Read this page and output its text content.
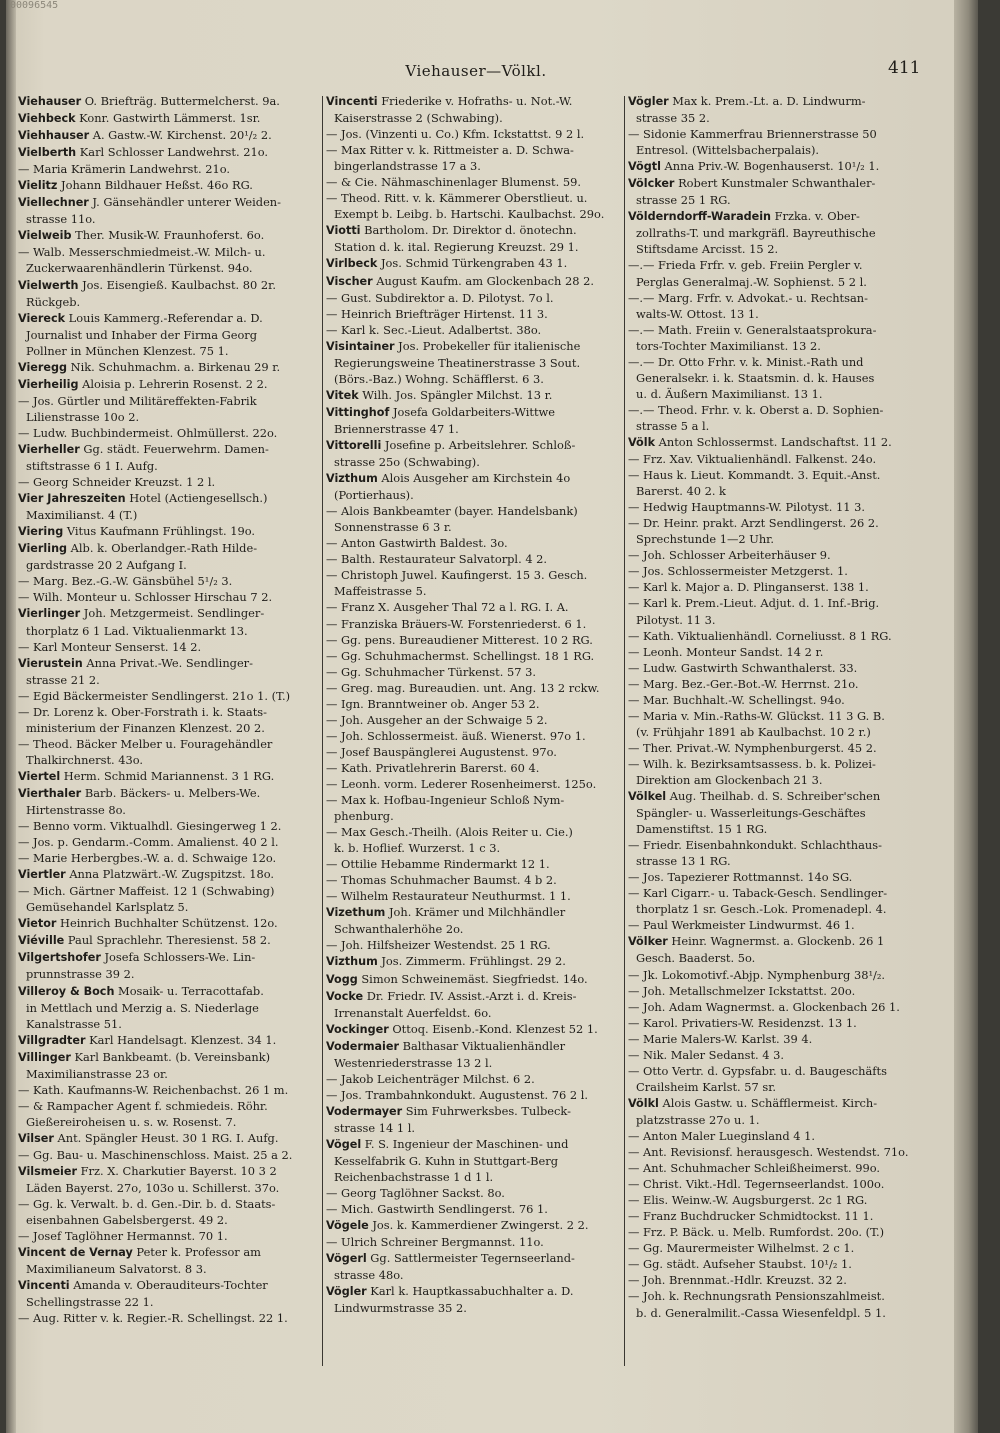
00096545
Viehauser—Völkl.	411
Viehauser O. Briefträg. Buttermelcherst. 9a.
Viehbeck Konr. Gastwirth Lämmerst. 1sr.
Viehhauser A. Gastw.-W. Kirchenst. 20¹/₂ 2.
Vielberth Karl Schlosser Landwehrst. 21o.
— Maria Krämerin Landwehrst. 21o.
Vielitz Johann Bildhauer Heßst. 46o RG.
Viellechner J. Gänsehändler unterer Weiden-
strasse 11o.
Vielweib Ther. Musik-W. Fraunhoferst. 6o.
— Walb. Messerschmiedmeist.-W. Milch- u.
Zuckerwaarenhändlerin Türkenst. 94o.
Vielwerth Jos. Eisengieß. Kaulbachst. 80 2r.
Rückgeb.
Viereck Louis Kammerg.-Referendar a. D.
Journalist und Inhaber der Firma Georg
Pollner in München Klenzest. 75 1.
Vieregg Nik. Schuhmachm. a. Birkenau 29 r.
Vierheilig Aloisia p. Lehrerin Rosenst. 2 2.
— Jos. Gürtler und Militäreffekten-Fabrik
Lilienstrasse 10o 2.
— Ludw. Buchbindermeist. Ohlmüllerst. 22o.
Vierheller Gg. städt. Feuerwehrm. Damen-
stiftstrasse 6 1 I. Aufg.
— Georg Schneider Kreuzst. 1 2 l.
Vier Jahreszeiten Hotel (Actiengesellsch.)
Maximilianst. 4 (T.)
Viering Vitus Kaufmann Frühlingst. 19o.
Vierling Alb. k. Oberlandger.-Rath Hilde-
gardstrasse 20 2 Aufgang I.
— Marg. Bez.-G.-W. Gänsbühel 5¹/₂ 3.
— Wilh. Monteur u. Schlosser Hirschau 7 2.
Vierlinger Joh. Metzgermeist. Sendlinger-
thorplatz 6 1 Lad. Viktualienmarkt 13.
— Karl Monteur Senserst. 14 2.
Vierustein Anna Privat.-We. Sendlinger-
strasse 21 2.
— Egid Bäckermeister Sendlingerst. 21o 1. (T.)
— Dr. Lorenz k. Ober-Forstrath i. k. Staats-
ministerium der Finanzen Klenzest. 20 2.
— Theod. Bäcker Melber u. Fouragehändler
Thalkirchnerst. 43o.
Viertel Herm. Schmid Mariannenst. 3 1 RG.
Vierthaler Barb. Bäckers- u. Melbers-We.
Hirtenstrasse 8o.
— Benno vorm. Viktualhdl. Giesingerweg 1 2.
— Jos. p. Gendarm.-Comm. Amalienst. 40 2 l.
— Marie Herbergbes.-W. a. d. Schwaige 12o.
Viertler Anna Platzwärt.-W. Zugspitzst. 18o.
— Mich. Gärtner Maffeist. 12 1 (Schwabing)
Gemüsehandel Karlsplatz 5.
Vietor Heinrich Buchhalter Schützenst. 12o.
Viéville Paul Sprachlehr. Theresienst. 58 2.
Vilgertshofer Josefa Schlossers-We. Lin-
prunnstrasse 39 2.
Villeroy & Boch Mosaik- u. Terracottafab.
in Mettlach und Merzig a. S. Niederlage
Kanalstrasse 51.
Villgradter Karl Handelsagt. Klenzest. 34 1.
Villinger Karl Bankbeamt. (b. Vereinsbank)
Maximilianstrasse 23 or.
— Kath. Kaufmanns-W. Reichenbachst. 26 1 m.
— & Rampacher Agent f. schmiedeis. Röhr.
Gießereiroheisen u. s. w. Rosenst. 7.
Vilser Ant. Spängler Heust. 30 1 RG. I. Aufg.
— Gg. Bau- u. Maschinenschloss. Maist. 25 a 2.
Vilsmeier Frz. X. Charkutier Bayerst. 10 3 2
Läden Bayerst. 27o, 103o u. Schillerst. 37o.
— Gg. k. Verwalt. b. d. Gen.-Dir. b. d. Staats-
eisenbahnen Gabelsbergerst. 49 2.
— Josef Taglöhner Hermannst. 70 1.
Vincent de Vernay Peter k. Professor am
Maximilianeum Salvatorst. 8 3.
Vincenti Amanda v. Oberauditeurs-Tochter
Schellingstrasse 22 1.
— Aug. Ritter v. k. Regier.-R. Schellingst. 22 1.
Vincenti Friederike v. Hofraths- u. Not.-W.
Kaiserstrasse 2 (Schwabing).
— Jos. (Vinzenti u. Co.) Kfm. Ickstattst. 9 2 l.
— Max Ritter v. k. Rittmeister a. D. Schwa-
bingerlandstrasse 17 a 3.
— & Cie. Nähmaschinenlager Blumenst. 59.
— Theod. Ritt. v. k. Kämmerer Oberstlieut. u.
Exempt b. Leibg. b. Hartschi. Kaulbachst. 29o.
Viotti Bartholom. Dr. Direktor d. önotechn.
Station d. k. ital. Regierung Kreuzst. 29 1.
Virlbeck Jos. Schmid Türkengraben 43 1.
Vischer August Kaufm. am Glockenbach 28 2.
— Gust. Subdirektor a. D. Pilotyst. 7o l.
— Heinrich Briefträger Hirtenst. 11 3.
— Karl k. Sec.-Lieut. Adalbertst. 38o.
Visintainer Jos. Probekeller für italienische
Regierungsweine Theatinerstrasse 3 Sout.
(Börs.-Baz.) Wohng. Schäfflerst. 6 3.
Vitek Wilh. Jos. Spängler Milchst. 13 r.
Vittinghof Josefa Goldarbeiters-Wittwe
Briennerstrasse 47 1.
Vittorelli Josefine p. Arbeitslehrer. Schloß-
strasse 25o (Schwabing).
Vizthum Alois Ausgeher am Kirchstein 4o
(Portierhaus).
— Alois Bankbeamter (bayer. Handelsbank)
Sonnenstrasse 6 3 r.
— Anton Gastwirth Baldest. 3o.
— Balth. Restaurateur Salvatorpl. 4 2.
— Christoph Juwel. Kaufingerst. 15 3. Gesch.
Maffeistrasse 5.
— Franz X. Ausgeher Thal 72 a l. RG. I. A.
— Franziska Bräuers-W. Forstenriederst. 6 1.
— Gg. pens. Bureaudiener Mitterest. 10 2 RG.
— Gg. Schuhmachermst. Schellingst. 18 1 RG.
— Gg. Schuhmacher Türkenst. 57 3.
— Greg. mag. Bureaudien. unt. Ang. 13 2 rckw.
— Ign. Branntweiner ob. Anger 53 2.
— Joh. Ausgeher an der Schwaige 5 2.
— Joh. Schlossermeist. äuß. Wienerst. 97o 1.
— Josef Bauspänglerei Augustenst. 97o.
— Kath. Privatlehrerin Barerst. 60 4.
— Leonh. vorm. Lederer Rosenheimerst. 125o.
— Max k. Hofbau-Ingenieur Schloß Nym-
phenburg.
— Max Gesch.-Theilh. (Alois Reiter u. Cie.)
k. b. Hoflief. Wurzerst. 1 c 3.
— Ottilie Hebamme Rindermarkt 12 1.
— Thomas Schuhmacher Baumst. 4 b 2.
— Wilhelm Restaurateur Neuthurmst. 1 1.
Vizethum Joh. Krämer und Milchhändler
Schwanthalerhöhe 2o.
— Joh. Hilfsheizer Westendst. 25 1 RG.
Vizthum Jos. Zimmerm. Frühlingst. 29 2.
Vogg Simon Schweinemäst. Siegfriedst. 14o.
Vocke Dr. Friedr. IV. Assist.-Arzt i. d. Kreis-
Irrenanstalt Auerfeldst. 6o.
Vockinger Ottoq. Eisenb.-Kond. Klenzest 52 1.
Vodermaier Balthasar Viktualienhändler
Westenriederstrasse 13 2 l.
— Jakob Leichenträger Milchst. 6 2.
— Jos. Trambahnkondukt. Augustenst. 76 2 l.
Vodermayer Sim Fuhrwerksbes. Tulbeck-
strasse 14 1 l.
Vögel F. S. Ingenieur der Maschinen- und
Kesselfabrik G. Kuhn in Stuttgart-Berg
Reichenbachstrasse 1 d 1 l.
— Georg Taglöhner Sackst. 8o.
— Mich. Gastwirth Sendlingerst. 76 1.
Vögele Jos. k. Kammerdiener Zwingerst. 2 2.
— Ulrich Schreiner Bergmannst. 11o.
Vögerl Gg. Sattlermeister Tegernseerland-
strasse 48o.
Vögler Karl k. Hauptkassabuchhalter a. D.
Lindwurmstrasse 35 2.
Vögler Max k. Prem.-Lt. a. D. Lindwurm-
strasse 35 2.
— Sidonie Kammerfrau Briennerstrasse 50
Entresol. (Wittelsbacherpalais).
Vögtl Anna Priv.-W. Bogenhauserst. 10¹/₂ 1.
Völcker Robert Kunstmaler Schwanthaler-
strasse 25 1 RG.
Völderndorff-Waradein Frzka. v. Ober-
zollraths-T. und markgräfl. Bayreuthische
Stiftsdame Arcisst. 15 2.
—.— Frieda Frfr. v. geb. Freiin Pergler v.
Perglas Generalmaj.-W. Sophienst. 5 2 l.
—.— Marg. Frfr. v. Advokat.- u. Rechtsan-
walts-W. Ottost. 13 1.
—.— Math. Freiin v. Generalstaatsprokura-
tors-Tochter Maximilianst. 13 2.
—.— Dr. Otto Frhr. v. k. Minist.-Rath und
Generalsekr. i. k. Staatsmin. d. k. Hauses
u. d. Äußern Maximilianst. 13 1.
—.— Theod. Frhr. v. k. Oberst a. D. Sophien-
strasse 5 a l.
Völk Anton Schlossermst. Landschaftst. 11 2.
— Frz. Xav. Viktualienhändl. Falkenst. 24o.
— Haus k. Lieut. Kommandt. 3. Equit.-Anst.
Barerst. 40 2. k
— Hedwig Hauptmanns-W. Pilotyst. 11 3.
— Dr. Heinr. prakt. Arzt Sendlingerst. 26 2.
Sprechstunde 1—2 Uhr.
— Joh. Schlosser Arbeiterhäuser 9.
— Jos. Schlossermeister Metzgerst. 1.
— Karl k. Major a. D. Plinganserst. 138 1.
— Karl k. Prem.-Lieut. Adjut. d. 1. Inf.-Brig.
Pilotyst. 11 3.
— Kath. Viktualienhändl. Corneliusst. 8 1 RG.
— Leonh. Monteur Sandst. 14 2 r.
— Ludw. Gastwirth Schwanthalerst. 33.
— Marg. Bez.-Ger.-Bot.-W. Herrnst. 21o.
— Mar. Buchhalt.-W. Schellingst. 94o.
— Maria v. Min.-Raths-W. Glückst. 11 3 G. B.
(v. Frühjahr 1891 ab Kaulbachst. 10 2 r.)
— Ther. Privat.-W. Nymphenburgerst. 45 2.
— Wilh. k. Bezirksamtsassess. b. k. Polizei-
Direktion am Glockenbach 21 3.
Völkel Aug. Theilhab. d. S. Schreiber'schen
Spängler- u. Wasserleitungs-Geschäftes
Damenstiftst. 15 1 RG.
— Friedr. Eisenbahnkondukt. Schlachthaus-
strasse 13 1 RG.
— Jos. Tapezierer Rottmannst. 14o SG.
— Karl Cigarr.- u. Taback-Gesch. Sendlinger-
thorplatz 1 sr. Gesch.-Lok. Promenadepl. 4.
— Paul Werkmeister Lindwurmst. 46 1.
Völker Heinr. Wagnermst. a. Glockenb. 26 1
Gesch. Baaderst. 5o.
— Jk. Lokomotivf.-Abjp. Nymphenburg 38¹/₂.
— Joh. Metallschmelzer Ickstattst. 20o.
— Joh. Adam Wagnermst. a. Glockenbach 26 1.
— Karol. Privatiers-W. Residenzst. 13 1.
— Marie Malers-W. Karlst. 39 4.
— Nik. Maler Sedanst. 4 3.
— Otto Vertr. d. Gypsfabr. u. d. Baugeschäfts
Crailsheim Karlst. 57 sr.
Völkl Alois Gastw. u. Schäfflermeist. Kirch-
platzstrasse 27o u. 1.
— Anton Maler Lueginsland 4 1.
— Ant. Revisionsf. herausgesch. Westendst. 71o.
— Ant. Schuhmacher Schleißheimerst. 99o.
— Christ. Vikt.-Hdl. Tegernseerlandst. 100o.
— Elis. Weinw.-W. Augsburgerst. 2c 1 RG.
— Franz Buchdrucker Schmidtockst. 11 1.
— Frz. P. Bäck. u. Melb. Rumfordst. 20o. (T.)
— Gg. Maurermeister Wilhelmst. 2 c 1.
— Gg. städt. Aufseher Staubst. 10¹/₂ 1.
— Joh. Brennmat.-Hdlr. Kreuzst. 32 2.
— Joh. k. Rechnungsrath Pensionszahlmeist.
b. d. Generalmilit.-Cassa Wiesenfeldpl. 5 1.
